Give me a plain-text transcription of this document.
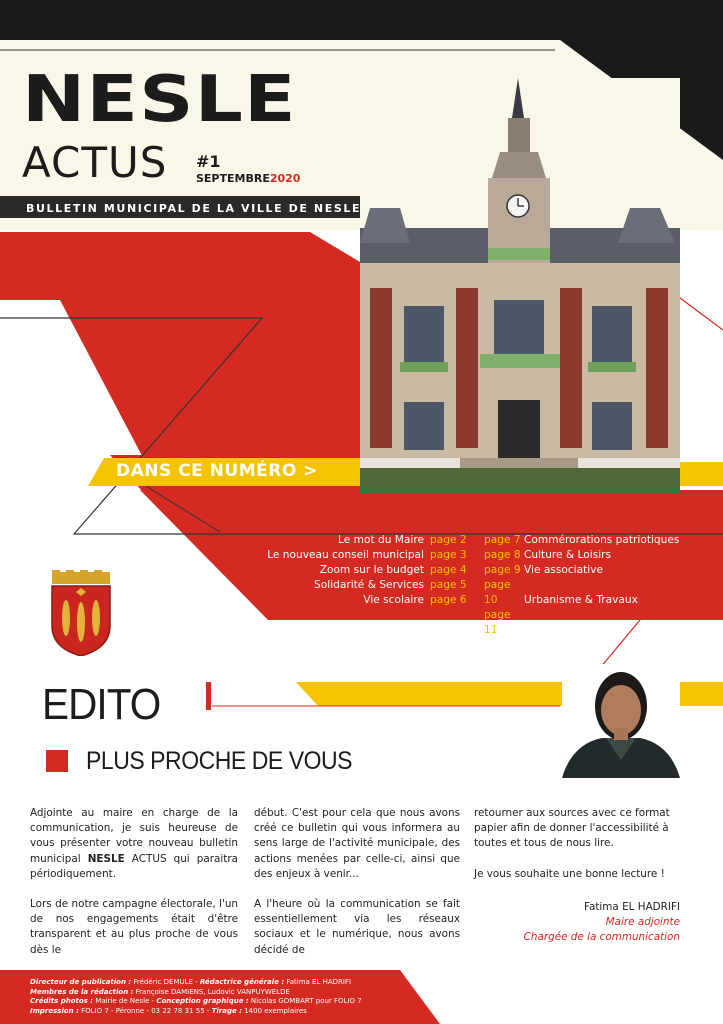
NESLE
ACTUS #1
SEPTEMBRE2020
BULLETIN MUNICIPAL DE LA VILLE DE NESLE
DANS CE NUMÉRO >
Le mot du Maire page 2
Le nouveau conseil municipal page 3
Zoom sur le budget page 4
Solidarité & Services page 5
Vie scolaire page 6
page 7 Commérorations patriotiques
page 8 Culture & Loisirs
page 9 Vie associative
page 10	Urbanisme & Travaux
page 11	Sécurité
EDITO
PLUS PROCHE DE VOUS

Adjointe au maire en charge de la communication, je suis heureuse de vous présenter votre nouveau bulletin municipal NESLE ACTUS qui paraitra périodiquement.

Lors de notre campagne électorale, l'un de nos engagements était d'être transparent et au plus proche de vous dès le

début. C'est pour cela que nous avons créé ce bulletin qui vous informera au sens large de l'activité municipale, des actions menées par celle-ci, ainsi que des enjeux à venir...

A l'heure où la communication se fait essentiellement via les réseaux sociaux et le numérique, nous avons décidé de

retourner aux sources avec ce format papier afin de donner l'accessibilité à toutes et tous de nous lire.

Je vous souhaite une bonne lecture !

Fatima EL HADRIFI
Maire adjointe
Chargée de la communication
Directeur de publication : Frédéric DEMULE - Rédactrice générale : Fatima EL HADRIFI
Membres de la rédaction : Françoise DAMIENS, Ludovic VANPUYWELDE
Crédits photos : Mairie de Nesle - Conception graphique : Nicolas GOMBART pour FOLIO 7
Impression : FOLIO 7 - Péronne - 03 22 78 31 55 - Tirage : 1400 exemplaires
